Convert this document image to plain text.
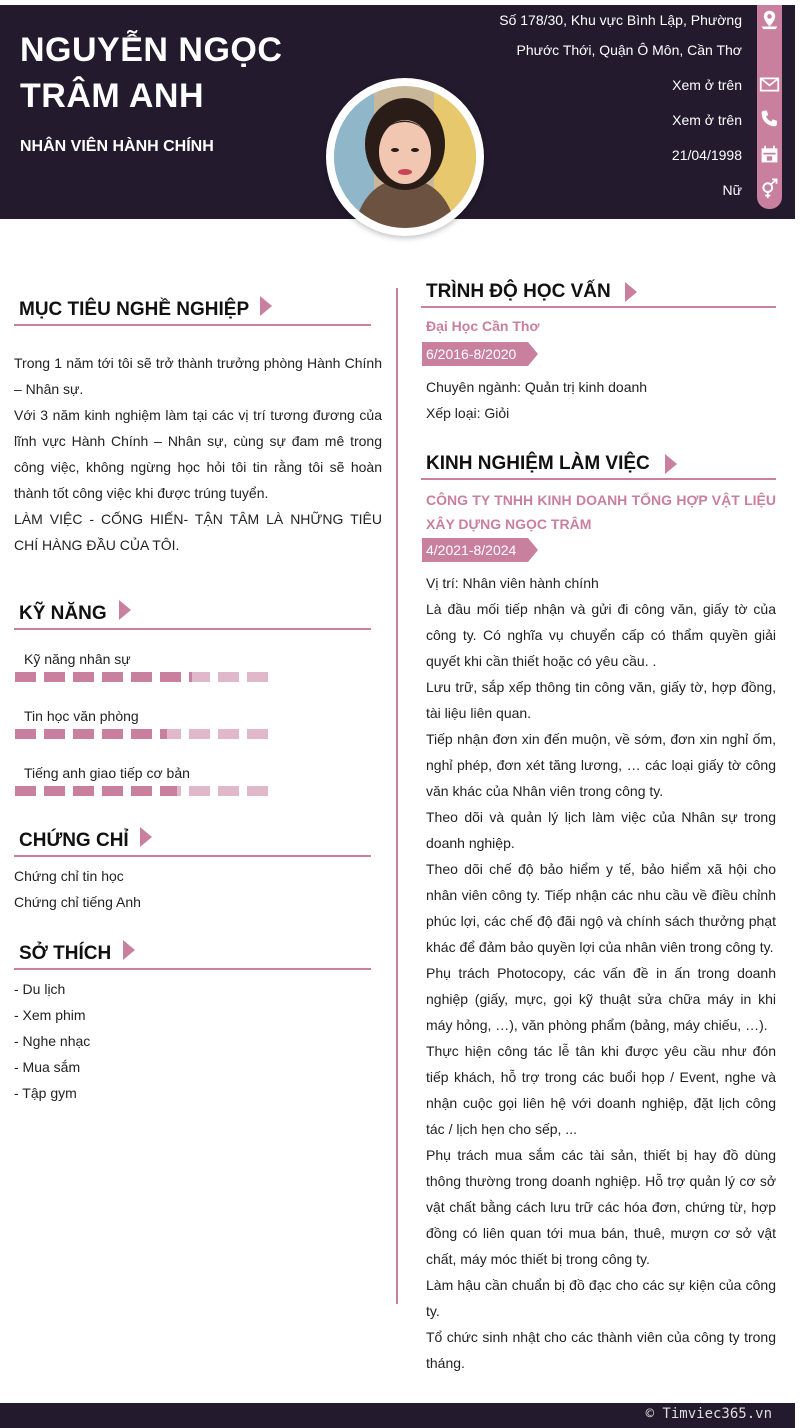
NGUYỄN NGỌC TRÂM ANH
NHÂN VIÊN HÀNH CHÍNH
Số 178/30, Khu vực Bình Lập, Phường
Phước Thới, Quận Ô Môn, Cần Thơ
Xem ở trên
Xem ở trên
21/04/1998
Nữ
MỤC TIÊU NGHỀ NGHIỆP

Trong 1 năm tới tôi sẽ trở thành trưởng phòng Hành Chính – Nhân sự.

Với 3 năm kinh nghiệm làm tại các vị trí tương đương của lĩnh vực Hành Chính – Nhân sự, cùng sự đam mê trong công việc, không ngừng học hỏi tôi tin rằng tôi sẽ hoàn thành tốt công việc khi được trúng tuyển.

LÀM VIỆC - CỐNG HIẾN- TẬN TÂM LÀ NHỮNG TIÊU CHÍ HÀNG ĐẦU CỦA TÔI.

KỸ NĂNG
Kỹ năng nhân sự
Tin học văn phòng
Tiếng anh giao tiếp cơ bản
CHỨNG CHỈ
Chứng chỉ tin học
Chứng chỉ tiếng Anh
SỞ THÍCH
- Du lịch
- Xem phim
- Nghe nhạc
- Mua sắm
- Tập gym
TRÌNH ĐỘ HỌC VẤN
Đại Học Cần Thơ
6/2016-8/2020

Chuyên ngành: Quản trị kinh doanh

Xếp loại: Giỏi

KINH NGHIỆM LÀM VIỆC
CÔNG TY TNHH KINH DOANH TỔNG HỢP VẬT LIỆU XÂY DỰNG NGỌC TRÂM
4/2021-8/2024

Vị trí: Nhân viên hành chính

Là đầu mối tiếp nhận và gửi đi công văn, giấy tờ của công ty. Có nghĩa vụ chuyển cấp có thẩm quyền giải quyết khi cần thiết hoặc có yêu cầu. .

Lưu trữ, sắp xếp thông tin công văn, giấy tờ, hợp đồng, tài liệu liên quan.

Tiếp nhận đơn xin đến muộn, về sớm, đơn xin nghỉ ốm, nghỉ phép, đơn xét tăng lương, … các loại giấy tờ công văn khác của Nhân viên trong công ty.

Theo dõi và quản lý lịch làm việc của Nhân sự trong doanh nghiệp.

Theo dõi chế độ bảo hiểm y tế, bảo hiểm xã hội cho nhân viên công ty. Tiếp nhận các nhu cầu về điều chỉnh phúc lợi, các chế độ đãi ngộ và chính sách thưởng phạt khác để đảm bảo quyền lợi của nhân viên trong công ty.

Phụ trách Photocopy, các vấn đề in ấn trong doanh nghiệp (giấy, mực, gọi kỹ thuật sửa chữa máy in khi máy hỏng, …), văn phòng phẩm (bảng, máy chiếu, …).

Thực hiện công tác lễ tân khi được yêu cầu như đón tiếp khách, hỗ trợ trong các buổi họp / Event, nghe và nhận cuộc gọi liên hệ với doanh nghiệp, đặt lịch công tác / lịch hẹn cho sếp, ...

Phụ trách mua sắm các tài sản, thiết bị hay đồ dùng thông thường trong doanh nghiệp. Hỗ trợ quản lý cơ sở vật chất bằng cách lưu trữ các hóa đơn, chứng từ, hợp đồng có liên quan tới mua bán, thuê, mượn cơ sở vật chất, máy móc thiết bị trong công ty.

Làm hậu cần chuẩn bị đồ đạc cho các sự kiện của công ty.

Tổ chức sinh nhật cho các thành viên của công ty trong tháng.

© Timviec365.vn
